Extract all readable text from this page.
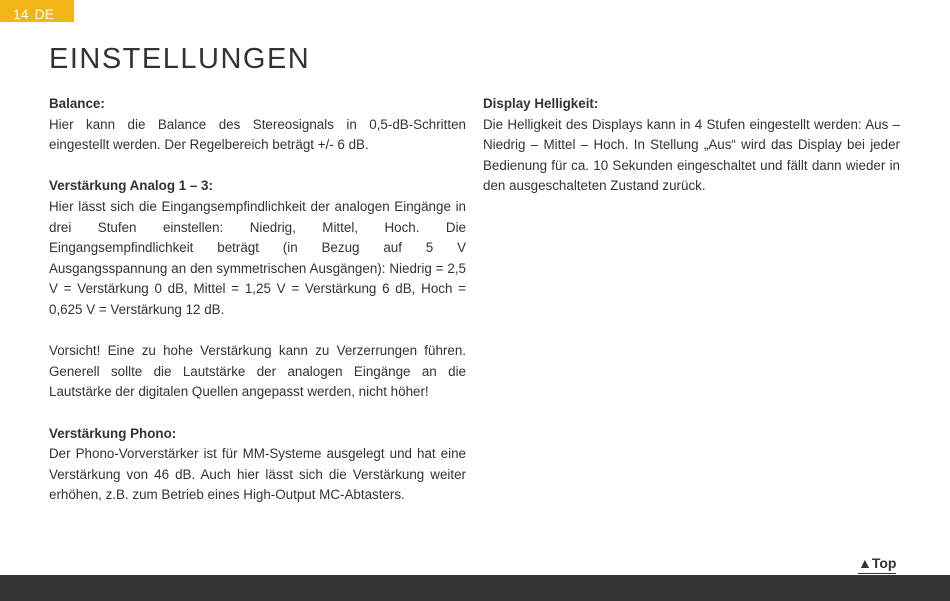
14 DE
EINSTELLUNGEN
Balance:

Hier kann die Balance des Stereosignals in 0,5-dB-Schritten eingestellt werden. Der Regelbereich beträgt +/- 6 dB.

Verstärkung Analog 1 – 3:

Hier lässt sich die Eingangsempfindlichkeit der analogen Eingänge in drei Stufen einstellen: Niedrig, Mittel, Hoch. Die Eingangsempfindlichkeit beträgt (in Bezug auf 5 V Ausgangsspannung an den symmetrischen Ausgängen): Niedrig = 2,5 V = Verstärkung 0 dB, Mittel = 1,25 V = Verstärkung 6 dB, Hoch = 0,625 V = Verstärkung 12 dB.

Vorsicht! Eine zu hohe Verstärkung kann zu Verzerrungen führen. Generell sollte die Lautstärke der analogen Eingänge an die Lautstärke der digitalen Quellen angepasst werden, nicht höher!

Verstärkung Phono:

Der Phono-Vorverstärker ist für MM-Systeme ausgelegt und hat eine Verstärkung von 46 dB. Auch hier lässt sich die Verstärkung weiter erhöhen, z.B. zum Betrieb eines High-Output MC-Abtasters.

Display Helligkeit:

Die Helligkeit des Displays kann in 4 Stufen eingestellt werden: Aus – Niedrig – Mittel – Hoch. In Stellung „Aus“ wird das Display bei jeder Bedienung für ca. 10 Sekunden eingeschaltet und fällt dann wieder in den ausgeschalteten Zustand zurück.

▲Top
